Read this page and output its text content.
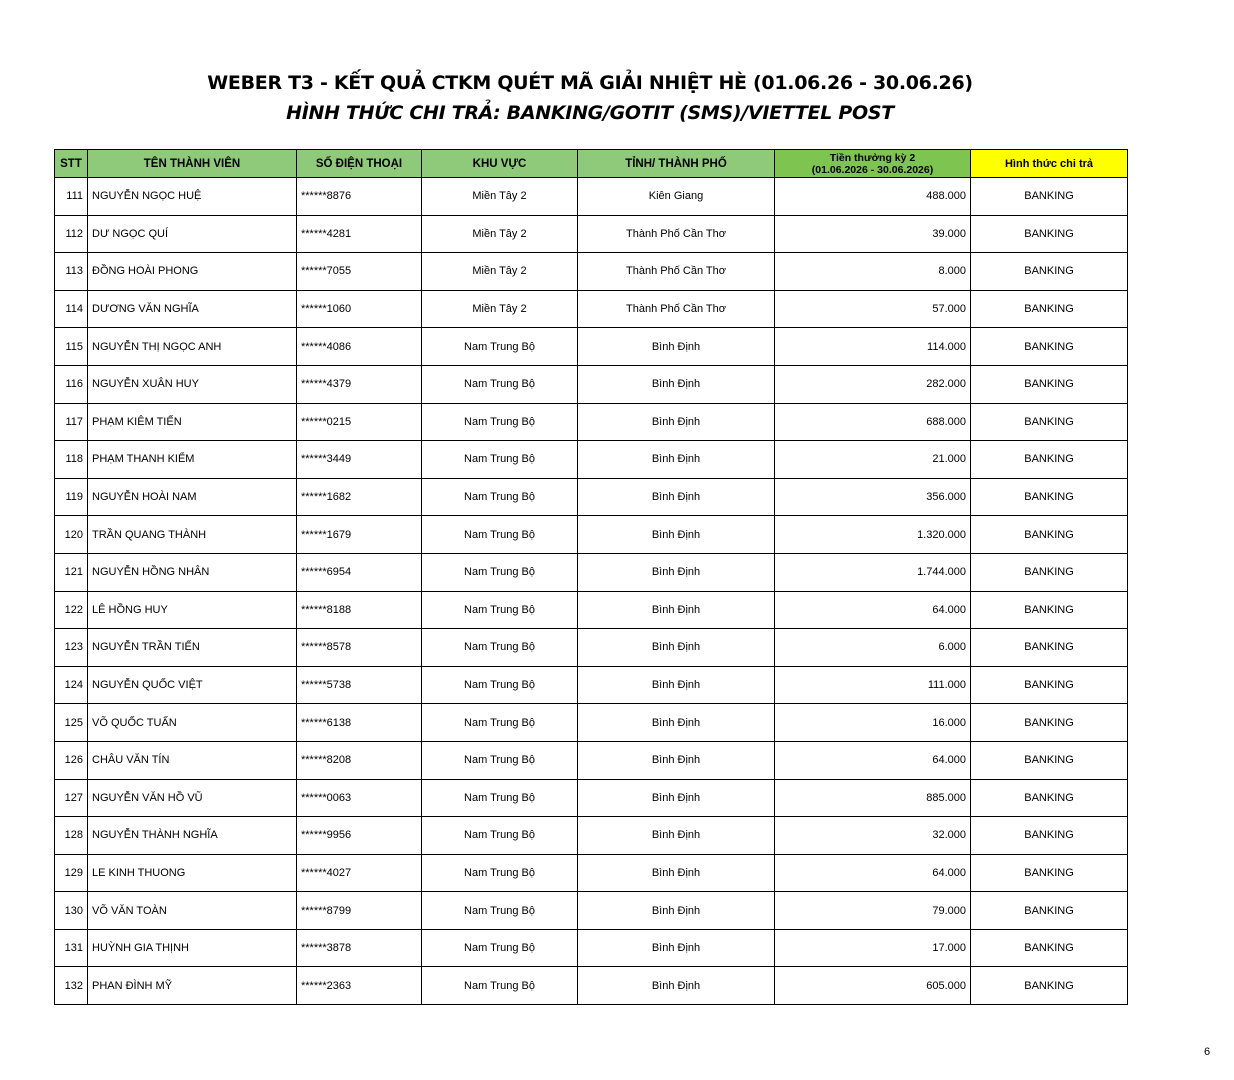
WEBER T3 - KẾT QUẢ CTKM QUÉT MÃ GIẢI NHIỆT HÈ (01.06.26 - 30.06.26)
HÌNH THỨC CHI TRẢ: BANKING/GOTIT (SMS)/VIETTEL POST
STT	TÊN THÀNH VIÊN	SỐ ĐIỆN THOẠI	KHU VỰC	TỈNH/ THÀNH PHỐ	Tiền thưởng kỳ 2
(01.06.2026 - 30.06.2026)	Hình thức chi trả
111	NGUYỄN NGỌC HUỆ	******8876	Miền Tây 2	Kiên Giang	488.000	BANKING
112	DƯ NGỌC QUÍ	******4281	Miền Tây 2	Thành Phố Cần Thơ	39.000	BANKING
113	ĐỒNG HOÀI PHONG	******7055	Miền Tây 2	Thành Phố Cần Thơ	8.000	BANKING
114	DƯƠNG VĂN NGHĨA	******1060	Miền Tây 2	Thành Phố Cần Thơ	57.000	BANKING
115	NGUYỄN THỊ NGỌC ANH	******4086	Nam Trung Bộ	Bình Định	114.000	BANKING
116	NGUYỄN XUÂN HUY	******4379	Nam Trung Bộ	Bình Định	282.000	BANKING
117	PHẠM KIÊM TIẾN	******0215	Nam Trung Bộ	Bình Định	688.000	BANKING
118	PHẠM THANH KIỂM	******3449	Nam Trung Bộ	Bình Định	21.000	BANKING
119	NGUYỄN HOÀI NAM	******1682	Nam Trung Bộ	Bình Định	356.000	BANKING
120	TRẦN QUANG THÀNH	******1679	Nam Trung Bộ	Bình Định	1.320.000	BANKING
121	NGUYỄN HỒNG NHÂN	******6954	Nam Trung Bộ	Bình Định	1.744.000	BANKING
122	LÊ HỒNG HUY	******8188	Nam Trung Bộ	Bình Định	64.000	BANKING
123	NGUYỄN TRẦN TIẾN	******8578	Nam Trung Bộ	Bình Định	6.000	BANKING
124	NGUYỄN QUỐC VIỆT	******5738	Nam Trung Bộ	Bình Định	111.000	BANKING
125	VÕ QUỐC TUẤN	******6138	Nam Trung Bộ	Bình Định	16.000	BANKING
126	CHÂU VĂN TÍN	******8208	Nam Trung Bộ	Bình Định	64.000	BANKING
127	NGUYỄN VĂN HỒ VŨ	******0063	Nam Trung Bộ	Bình Định	885.000	BANKING
128	NGUYỄN THÀNH NGHĨA	******9956	Nam Trung Bộ	Bình Định	32.000	BANKING
129	LE KINH THUONG	******4027	Nam Trung Bộ	Bình Định	64.000	BANKING
130	VÕ VĂN TOÀN	******8799	Nam Trung Bộ	Bình Định	79.000	BANKING
131	HUỲNH GIA THỊNH	******3878	Nam Trung Bộ	Bình Định	17.000	BANKING
132	PHAN ĐÌNH MỸ	******2363	Nam Trung Bộ	Bình Định	605.000	BANKING
6
